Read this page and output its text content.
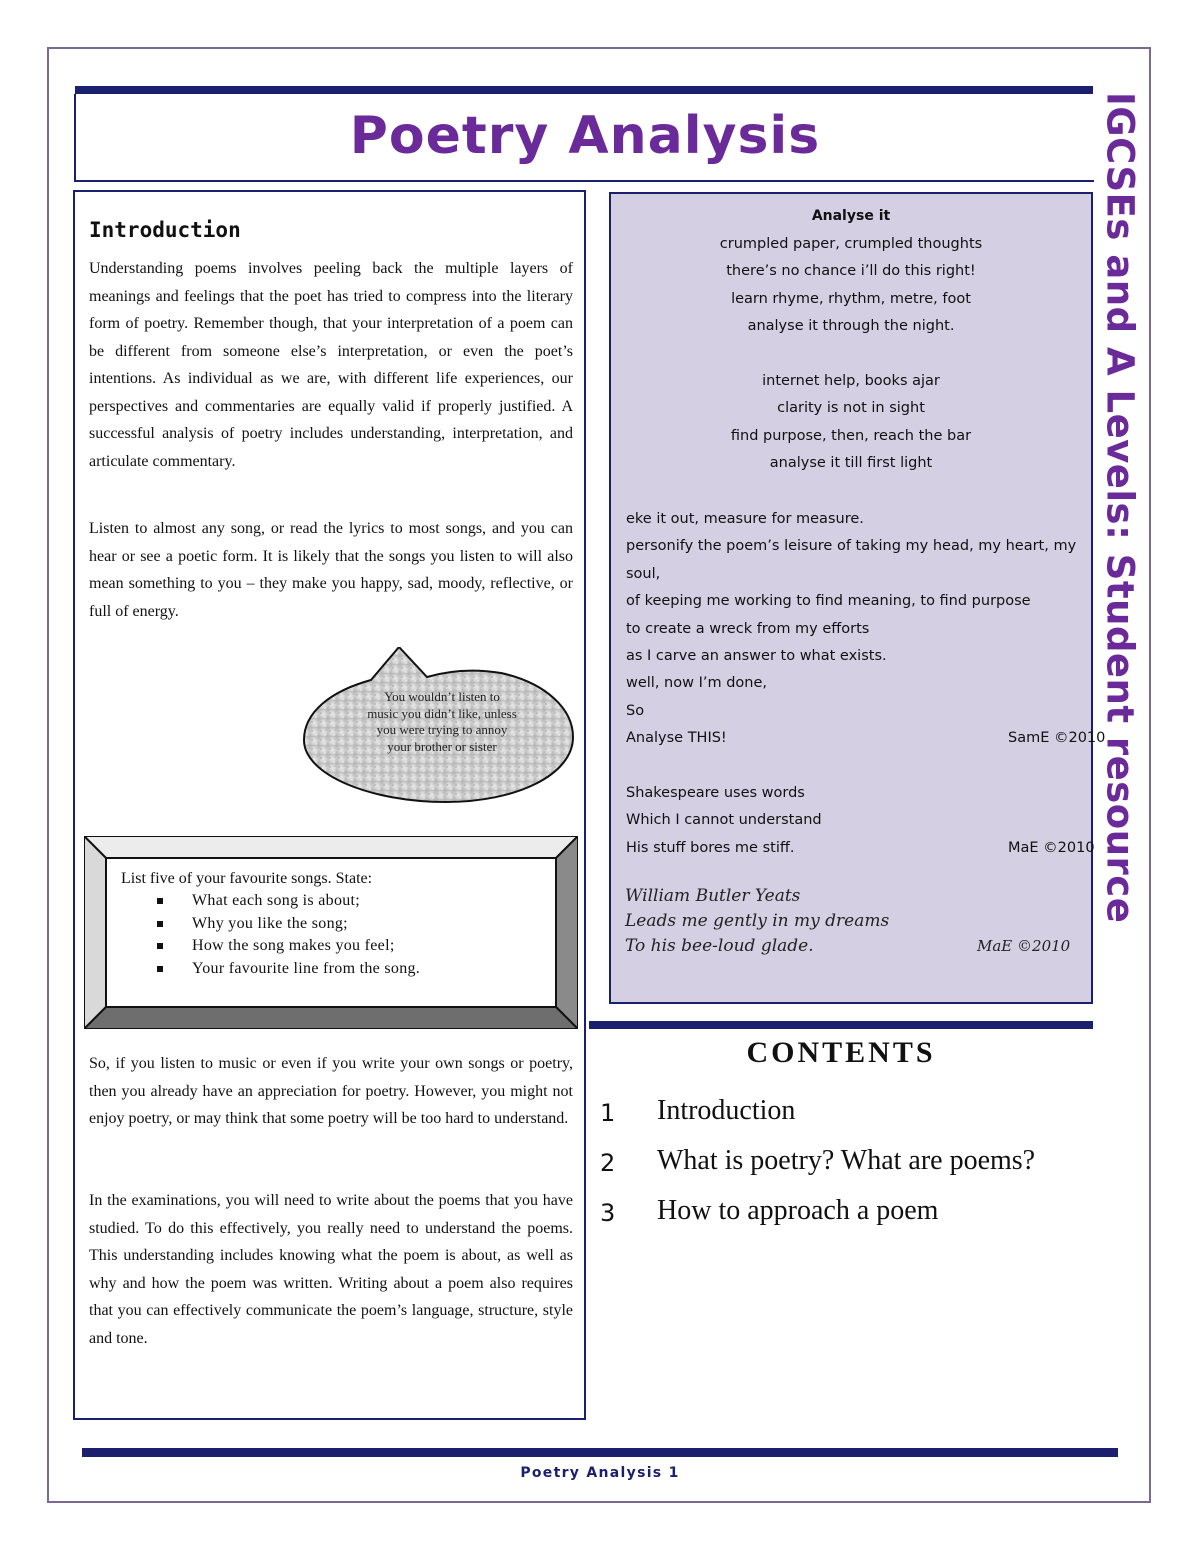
Poetry Analysis	IGCSEs and A Levels: Student resource
Introduction
Understanding poems involves peeling back the multiple layers of meanings and feelings that the poet has tried to compress into the literary form of poetry. Remember though, that your interpretation of a poem can be different from someone else’s interpretation, or even the poet’s intentions. As individual as we are, with different life experiences, our perspectives and commentaries are equally valid if properly justified. A successful analysis of poetry includes understanding, interpretation, and articulate commentary.
Listen to almost any song, or read the lyrics to most songs, and you can hear or see a poetic form. It is likely that the songs you listen to will also mean something to you – they make you happy, sad, moody, reflective, or full of energy.
You wouldn’t listen to music you didn’t like, unless you were trying to annoy your brother or sister
List five of your favourite songs. State:
What each song is about;
Why you like the song;
How the song makes you feel;
Your favourite line from the song.
So, if you listen to music or even if you write your own songs or poetry, then you already have an appreciation for poetry. However, you might not enjoy poetry, or may think that some poetry will be too hard to understand.
In the examinations, you will need to write about the poems that you have studied. To do this effectively, you really need to understand the poems. This understanding includes knowing what the poem is about, as well as why and how the poem was written. Writing about a poem also requires that you can effectively communicate the poem’s language, structure, style and tone.
Analyse it
crumpled paper, crumpled thoughts
there’s no chance i’ll do this right!
learn rhyme, rhythm, metre, foot
analyse it through the night.
internet help, books ajar
clarity is not in sight
find purpose, then, reach the bar
analyse it till first light
eke it out, measure for measure.
personify the poem’s leisure of taking my head, my heart, my
soul,
of keeping me working to find meaning, to find purpose
to create a wreck from my efforts
as I carve an answer to what exists.
well, now I’m done,
So
Analyse THIS!	SamE ©2010
Shakespeare uses words
Which I cannot understand
His stuff bores me stiff.	MaE ©2010
William Butler Yeats
Leads me gently in my dreams
To his bee-loud glade.	MaE ©2010
CONTENTS
1 Introduction
2 What is poetry? What are poems?
3 How to approach a poem
Poetry Analysis 1
